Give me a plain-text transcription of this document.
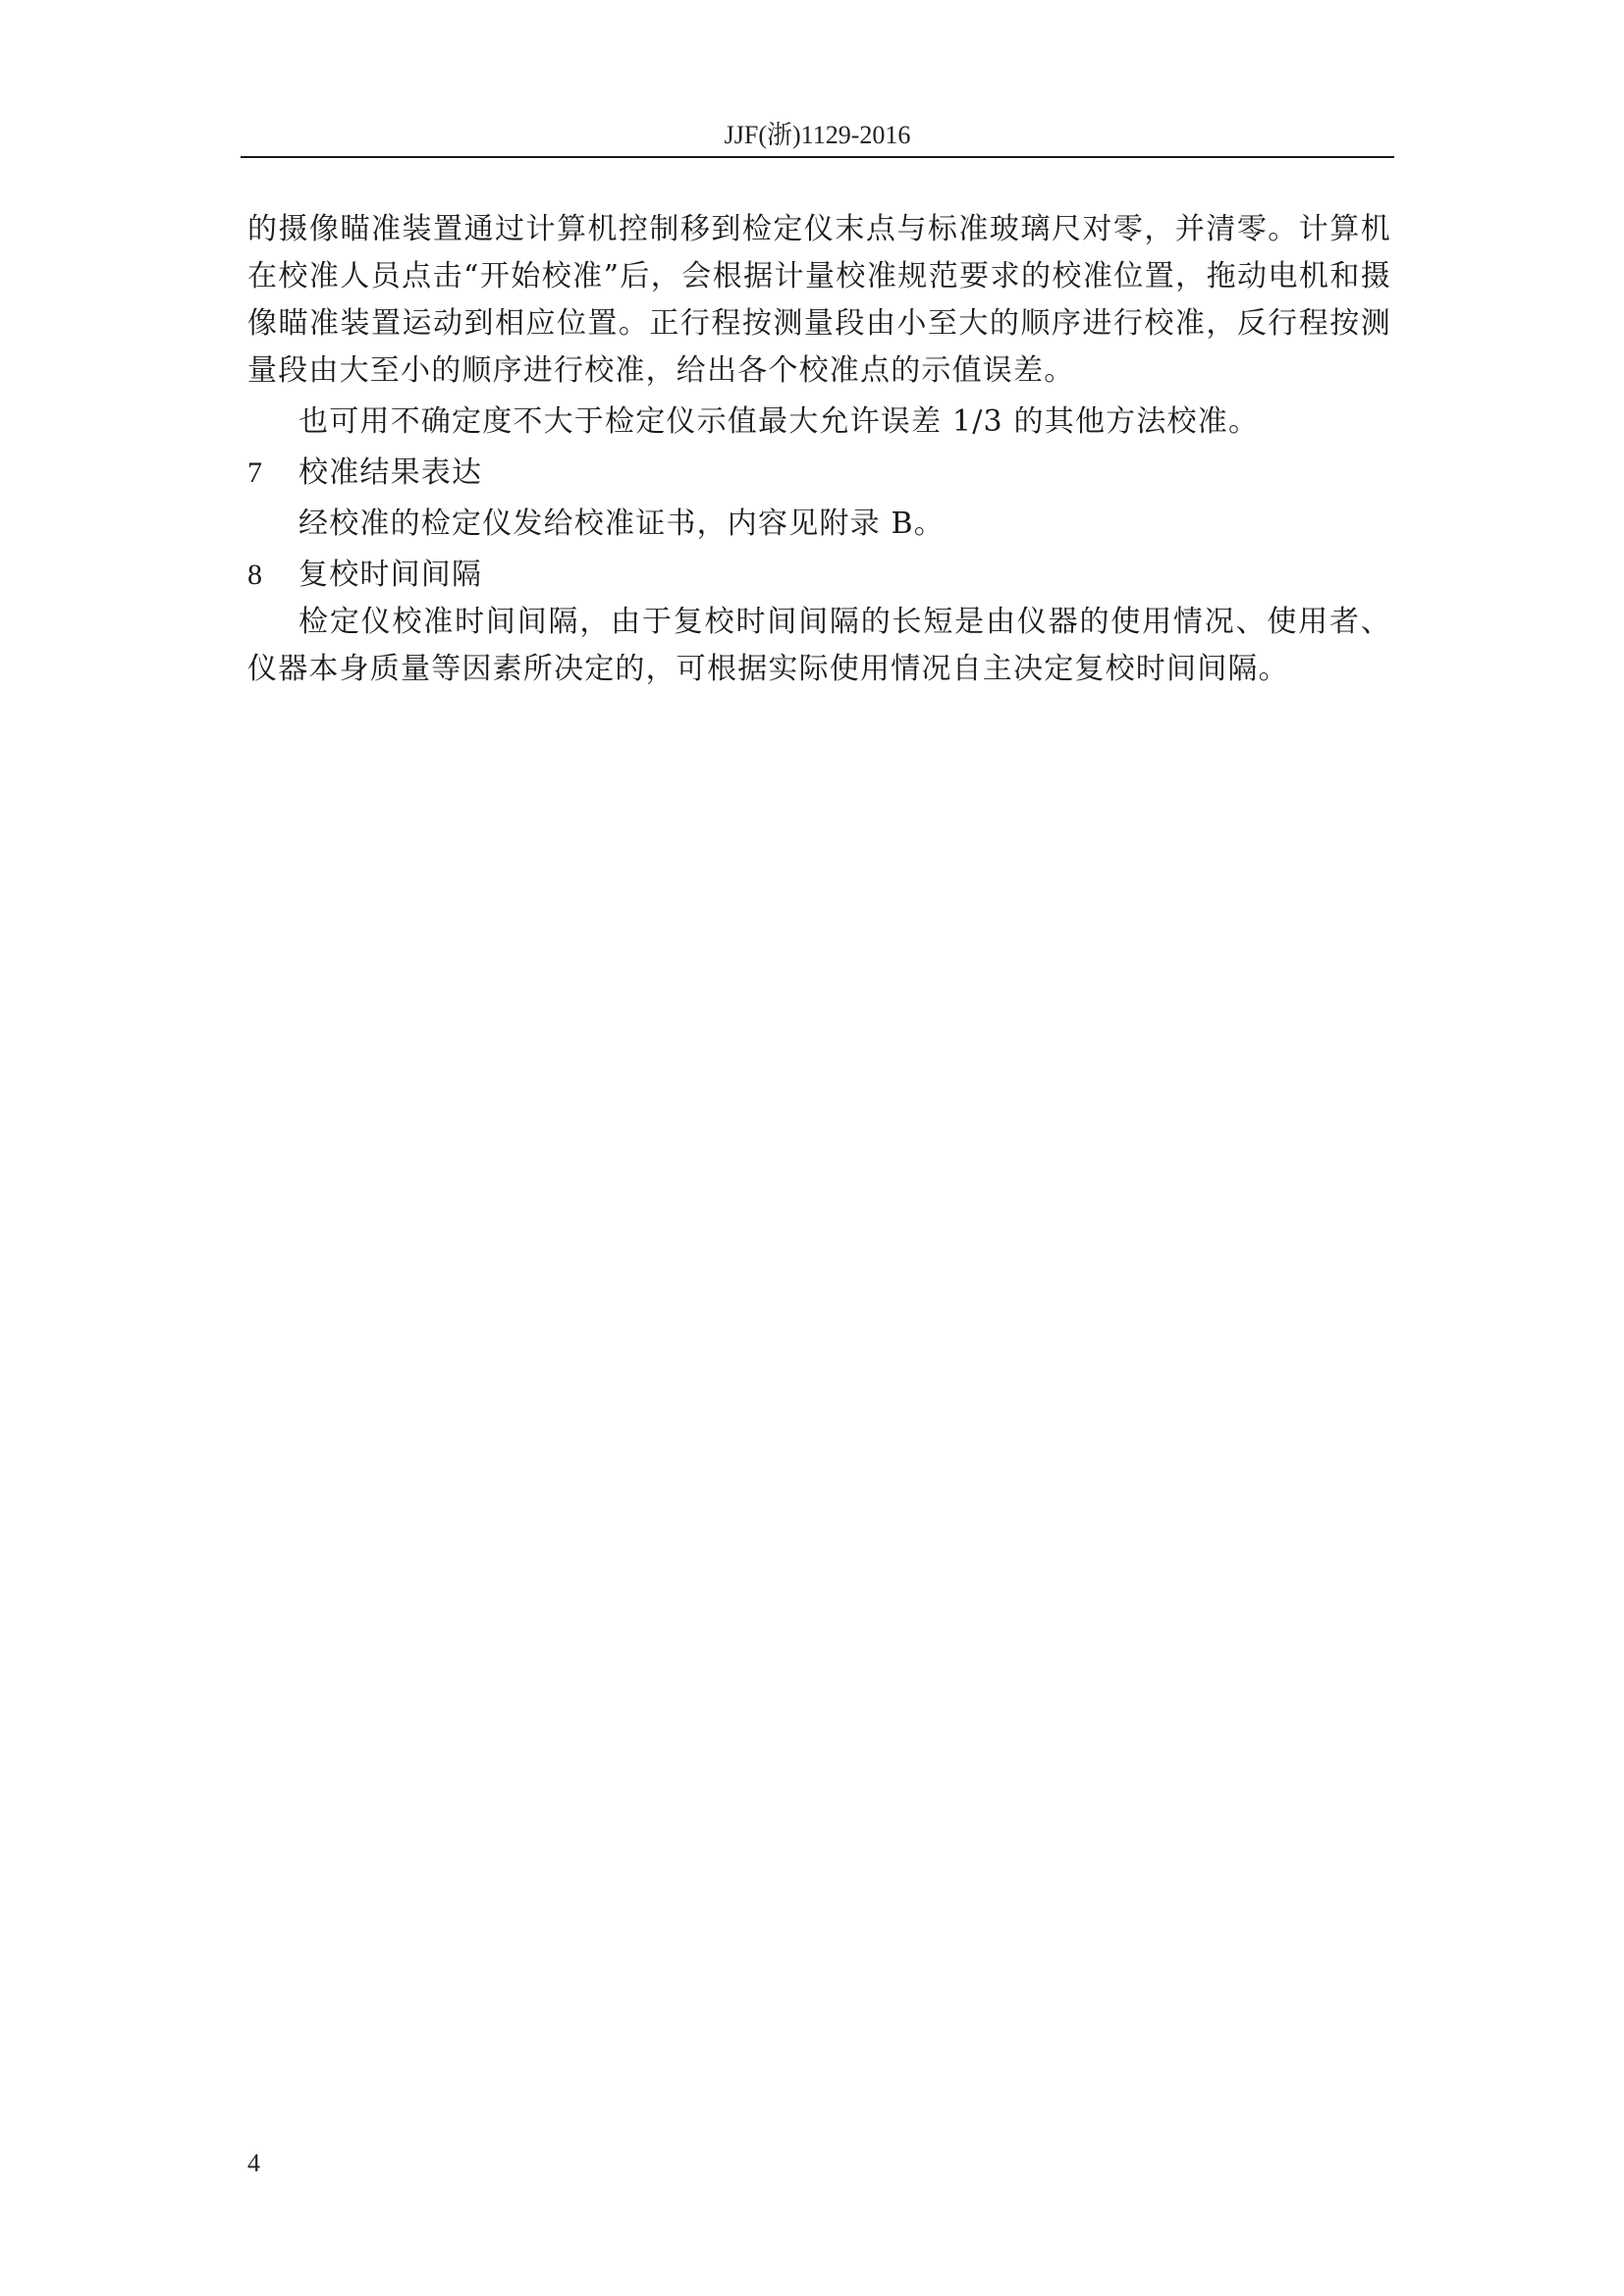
JJF(浙)1129-2016

的摄像瞄准装置通过计算机控制移到检定仪末点与标准玻璃尺对零，并清零。计算机在校准人员点击“开始校准”后，会根据计量校准规范要求的校准位置，拖动电机和摄像瞄准装置运动到相应位置。正行程按测量段由小至大的顺序进行校准，反行程按测量段由大至小的顺序进行校准，给出各个校准点的示值误差。

也可用不确定度不大于检定仪示值最大允许误差 1/3 的其他方法校准。

7	校准结果表达

经校准的检定仪发给校准证书，内容见附录 B。

8	复校时间间隔

检定仪校准时间间隔，由于复校时间间隔的长短是由仪器的使用情况、使用者、仪器本身质量等因素所决定的，可根据实际使用情况自主决定复校时间间隔。

4
